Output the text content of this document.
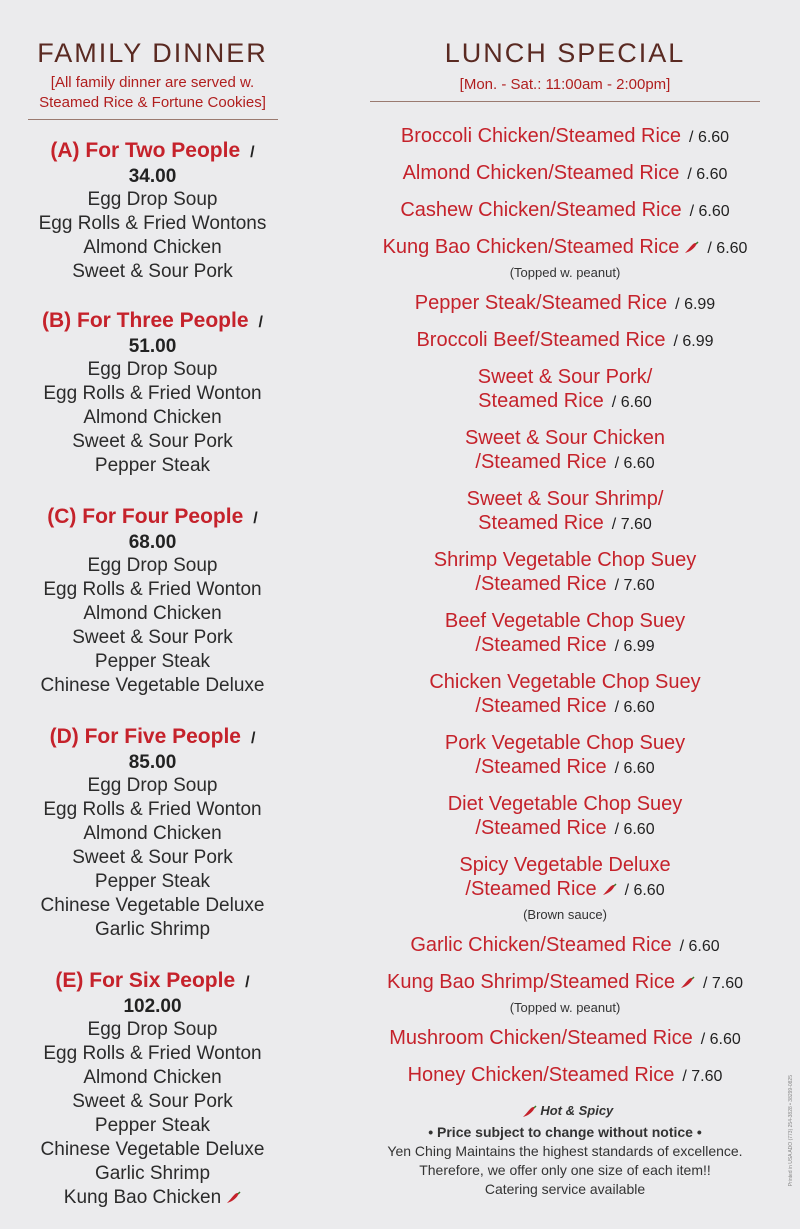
FAMILY DINNER
[All family dinner are served w.
Steamed Rice & Fortune Cookies]
(A) For Two People /
34.00
Egg Drop Soup
Egg Rolls & Fried Wontons
Almond Chicken
Sweet & Sour Pork
(B) For Three People /
51.00
Egg Drop Soup
Egg Rolls & Fried Wonton
Almond Chicken
Sweet & Sour Pork
Pepper Steak
(C) For Four People /
68.00
Egg Drop Soup
Egg Rolls & Fried Wonton
Almond Chicken
Sweet & Sour Pork
Pepper Steak
Chinese Vegetable Deluxe
(D) For Five People /
85.00
Egg Drop Soup
Egg Rolls & Fried Wonton
Almond Chicken
Sweet & Sour Pork
Pepper Steak
Chinese Vegetable Deluxe
Garlic Shrimp
(E) For Six People /
102.00
Egg Drop Soup
Egg Rolls & Fried Wonton
Almond Chicken
Sweet & Sour Pork
Pepper Steak
Chinese Vegetable Deluxe
Garlic Shrimp
Kung Bao Chicken
LUNCH SPECIAL
[Mon. - Sat.: 11:00am - 2:00pm]
Broccoli Chicken/Steamed Rice / 6.60
Almond Chicken/Steamed Rice / 6.60
Cashew Chicken/Steamed Rice / 6.60
Kung Bao Chicken/Steamed Rice / 6.60
(Topped w. peanut)
Pepper Steak/Steamed Rice / 6.99
Broccoli Beef/Steamed Rice / 6.99
Sweet & Sour Pork/
Steamed Rice / 6.60
Sweet & Sour Chicken
/Steamed Rice / 6.60
Sweet & Sour Shrimp/
Steamed Rice / 7.60
Shrimp Vegetable Chop Suey
/Steamed Rice / 7.60
Beef Vegetable Chop Suey
/Steamed Rice / 6.99
Chicken Vegetable Chop Suey
/Steamed Rice / 6.60
Pork Vegetable Chop Suey
/Steamed Rice / 6.60
Diet Vegetable Chop Suey
/Steamed Rice / 6.60
Spicy Vegetable Deluxe
/Steamed Rice / 6.60
(Brown sauce)
Garlic Chicken/Steamed Rice / 6.60
Kung Bao Shrimp/Steamed Rice / 7.60
(Topped w. peanut)
Mushroom Chicken/Steamed Rice / 6.60
Honey Chicken/Steamed Rice / 7.60
Hot & Spicy
• Price subject to change without notice •
Yen Ching Maintains the highest standards of excellence.
Therefore, we offer only one size of each item!!
Catering service available
Printed in USA ADO (773) 254-3828 • 38299-0825
